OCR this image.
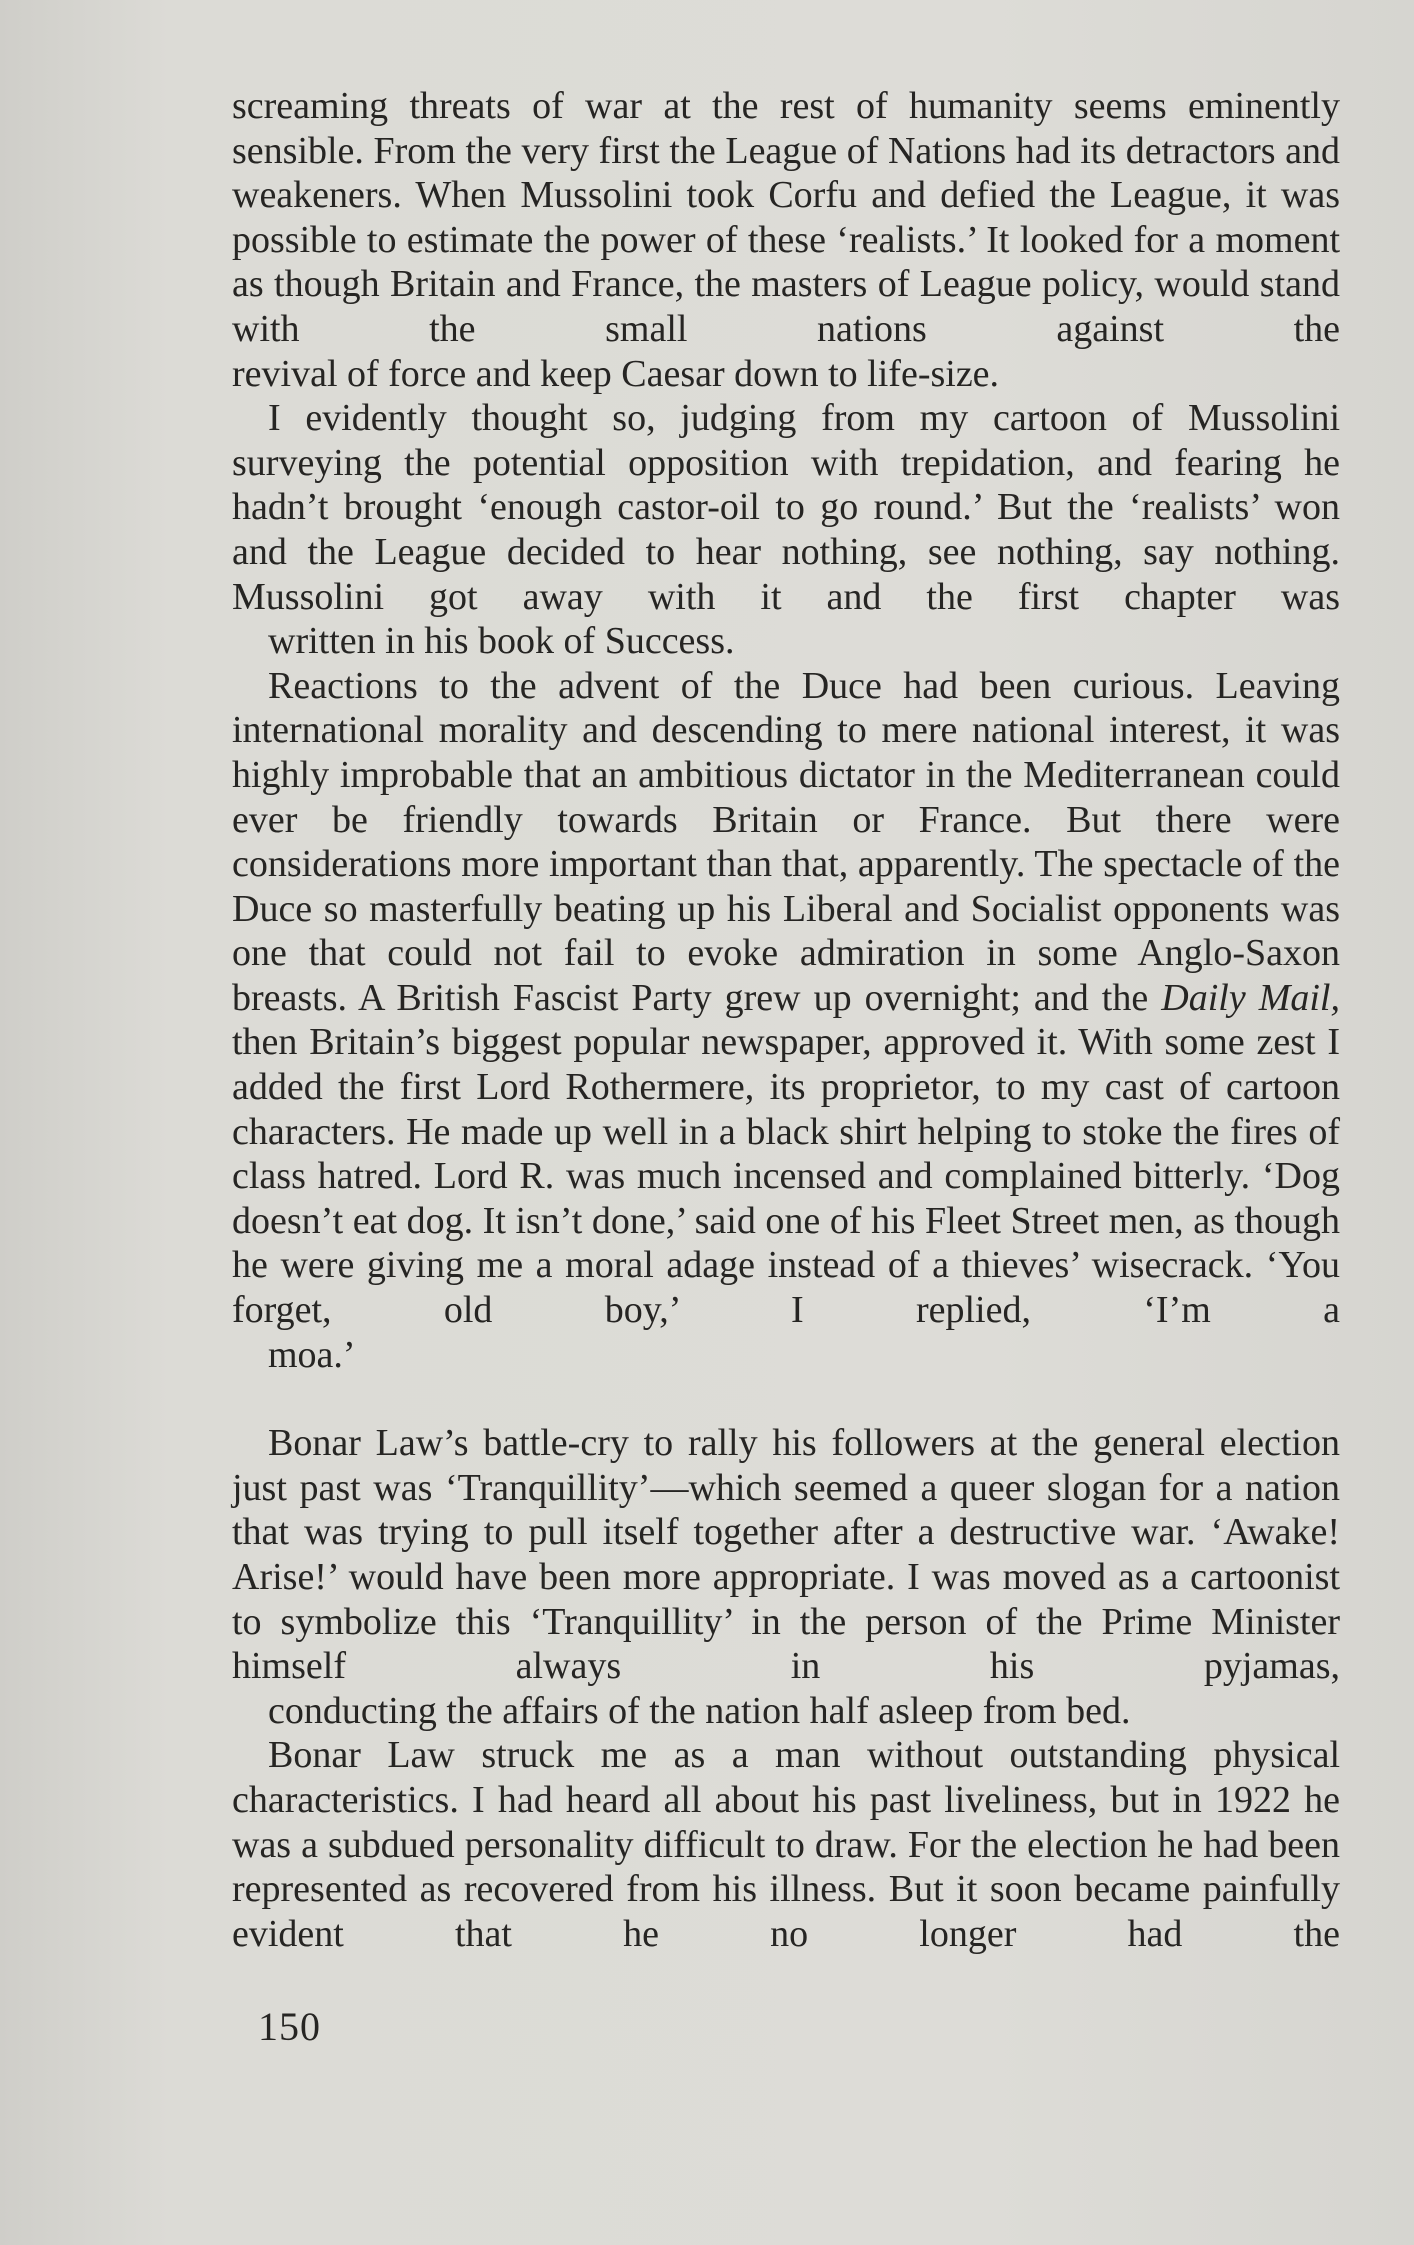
screaming threats of war at the rest of humanity seems eminently sensible. From the very first the League of Nations had its detractors and weakeners. When Mussolini took Corfu and defied the League, it was possible to estimate the power of these ‘realists.’ It looked for a moment as though Britain and France, the masters of League policy, would stand with the small nations against the
revival of force and keep Caesar down to life-size.

I evidently thought so, judging from my cartoon of Mussolini surveying the potential opposition with trepidation, and fearing he hadn’t brought ‘enough castor-oil to go round.’ But the ‘realists’ won and the League decided to hear nothing, see nothing, say nothing. Mussolini got away with it and the first chapter was
written in his book of Success.

Reactions to the advent of the Duce had been curious. Leaving international morality and descending to mere national interest, it was highly improbable that an ambitious dictator in the Mediterranean could ever be friendly towards Britain or France. But there were considerations more important than that, apparently. The spectacle of the Duce so masterfully beating up his Liberal and Socialist opponents was one that could not fail to evoke admiration in some Anglo-Saxon breasts. A British Fascist Party grew up overnight; and the Daily Mail, then Britain’s biggest popular newspaper, approved it. With some zest I added the first Lord Rothermere, its proprietor, to my cast of cartoon characters. He made up well in a black shirt helping to stoke the fires of class hatred. Lord R. was much incensed and complained bitterly. ‘Dog doesn’t eat dog. It isn’t done,’ said one of his Fleet Street men, as though he were giving me a moral adage instead of a thieves’ wisecrack. ‘You forget, old boy,’ I replied, ‘I’m a
moa.’

Bonar Law’s battle-cry to rally his followers at the general election just past was ‘Tranquillity’—which seemed a queer slogan for a nation that was trying to pull itself together after a destructive war. ‘Awake! Arise!’ would have been more appropriate. I was moved as a cartoonist to symbolize this ‘Tranquillity’ in the person of the Prime Minister himself always in his pyjamas,
conducting the affairs of the nation half asleep from bed.

Bonar Law struck me as a man without outstanding physical characteristics. I had heard all about his past liveliness, but in 1922 he was a subdued personality difficult to draw. For the election he had been represented as recovered from his illness. But it soon became painfully evident that he no longer had the

150
